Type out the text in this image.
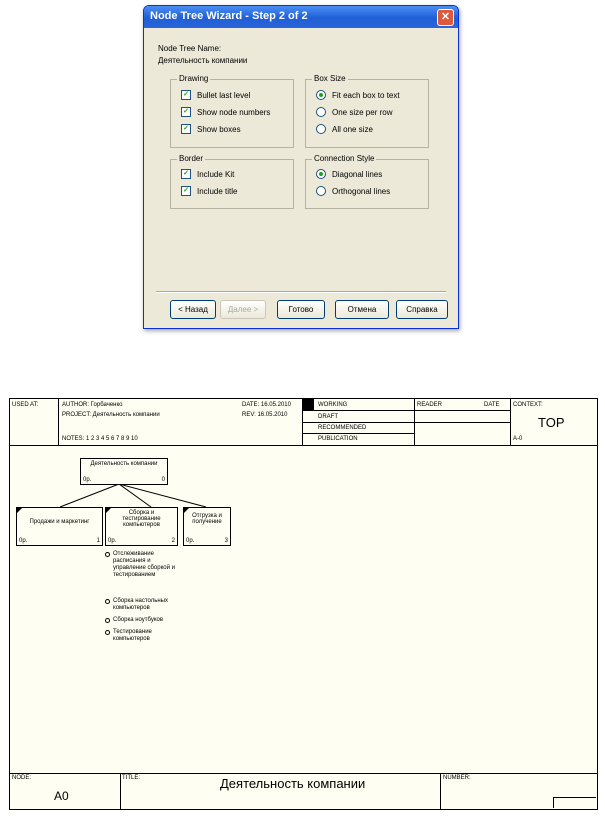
Node Tree Wizard - Step 2 of 2	✕
Node Tree Name:
Деятельность компании
Drawing
✓ Bullet last level
✓ Show node numbers
✓ Show boxes
Box Size
Fit each box to text
One size per row
All one size
Border
✓ Include Kit
✓ Include title
Connection Style
Diagonal lines
Orthogonal lines
< Назад	Далее >	Готово	Отмена	Справка
USED AT:	AUTHOR: Горбаченко
PROJECT: Деятельность компании
NOTES: 1 2 3 4 5 6 7 8 9 10
DATE: 16.05.2010
REV: 16.05.2010
WORKING
DRAFT
RECOMMENDED
PUBLICATION
READER	DATE CONTEXT:
TOP
A-0
Деятельность компании
0р.	0
Продажи и маркетинг
0р.	1
Сборка и тестирование компьютеров
0р.	2
Отгрузка и получение
0р.	3
Отслеживание расписания и управление сборкой и тестированием
Сборка настольных компьютеров
Сборка ноутбуков
Тестирование компьютеров
NODE:
A0
TITLE:	Деятельность компании	NUMBER:
